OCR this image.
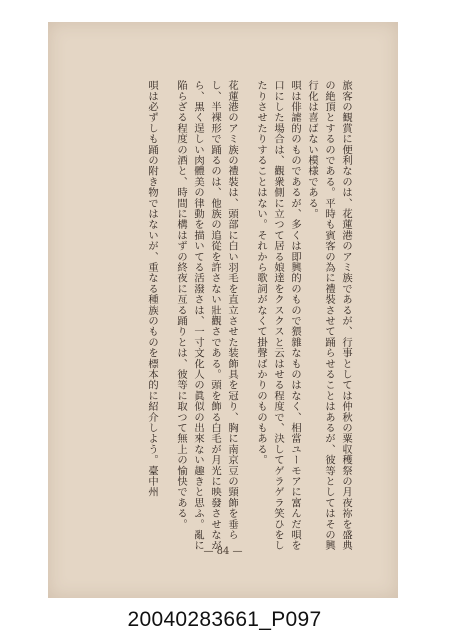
旅客の観賞に便利なのは、花蓮港のアミ族であるが、行事としては仲秋の粟収穫祭の月夜祢を盛典の絶頂とするのである。平時も賓客の為に禮裝させて踊らせることはあるが、彼等としてはその興行化は喜ばない模様である。

唄は俳謔的のものであるが、多くは即興的のもので猥雜なものはなく、相當ユーモアに富んだ唄を口にした場合は、觀衆側に立つて居る娘達をクスクスと云はせる程度で、決してゲラゲラ笑ひをしたりさせたりすることはない。それから歌詞がなくて掛聲ばかりのものもある。

花蓮港のアミ族の禮裝は、頭部に白い羽毛を直立させた装飾具を冠り、胸に南京豆の頸飾を垂らし、半裸形で踊るのは、他族の追從を許さない壯觀さである。頭を飾る白毛が月光に映發させながら、黒く逞しい肉體美の律動を描いてる活潑さは、一寸文化人の眞似の出來ない趣きと思ふ。亂に陥らざる程度の酒と、時間に構はずの終夜に亙る踊りとは、彼等に取つて無上の愉快である。

唄は必ずしも踊の附き物ではないが、重なる種族のものを標本的に紹介しよう。臺中州

— 84 —
20040283661_P097
